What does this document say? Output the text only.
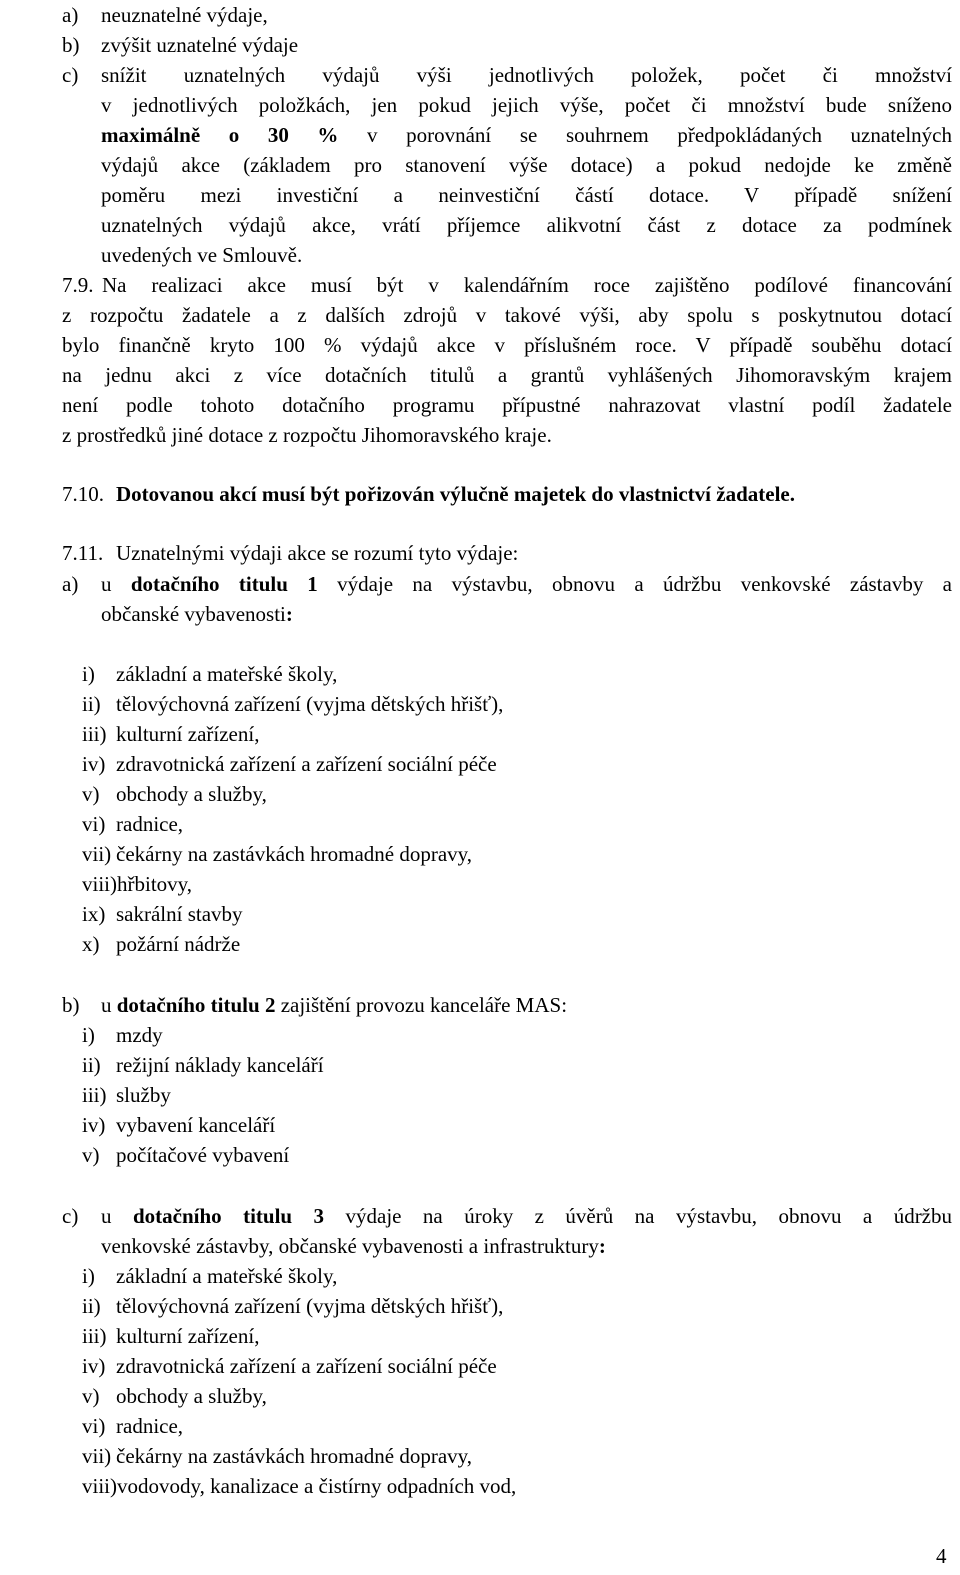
a) neuznatelné výdaje,
b) zvýšit uznatelné výdaje
c) snížit uznatelných výdajů výši jednotlivých položek, počet či množství
v jednotlivých položkách, jen pokud jejich výše, počet či množství bude sníženo
maximálně o 30 % v porovnání se souhrnem předpokládaných uznatelných
výdajů akce (základem pro stanovení výše dotace) a pokud nedojde ke změně
poměru mezi investiční a neinvestiční částí dotace. V případě snížení
uznatelných výdajů akce, vrátí příjemce alikvotní část z dotace za podmínek
uvedených ve Smlouvě.
7.9. Na realizaci akce musí být v kalendářním roce zajištěno podílové financování
z rozpočtu žadatele a z dalších zdrojů v takové výši, aby spolu s poskytnutou dotací
bylo finančně kryto 100 % výdajů akce v příslušném roce. V případě souběhu dotací
na jednu akci z více dotačních titulů a grantů vyhlášených Jihomoravským krajem
není podle tohoto dotačního programu přípustné nahrazovat vlastní podíl žadatele
z prostředků jiné dotace z rozpočtu Jihomoravského kraje.
7.10. Dotovanou akcí musí být pořizován výlučně majetek do vlastnictví žadatele.
7.11. Uznatelnými výdaji akce se rozumí tyto výdaje:
a) u dotačního titulu 1 výdaje na výstavbu, obnovu a údržbu venkovské zástavby a
občanské vybavenosti:
i) základní a mateřské školy,
ii) tělovýchovná zařízení (vyjma dětských hřišť),
iii) kulturní zařízení,
iv) zdravotnická zařízení a zařízení sociální péče
v) obchody a služby,
vi) radnice,
vii) čekárny na zastávkách hromadné dopravy,
viii)hřbitovy,
ix) sakrální stavby
x) požární nádrže
b) u dotačního titulu 2 zajištění provozu kanceláře MAS:
i) mzdy
ii) režijní náklady kanceláří
iii) služby
iv) vybavení kanceláří
v) počítačové vybavení
c) u dotačního titulu 3 výdaje na úroky z úvěrů na výstavbu, obnovu a údržbu
venkovské zástavby, občanské vybavenosti a infrastruktury:
i) základní a mateřské školy,
ii) tělovýchovná zařízení (vyjma dětských hřišť),
iii) kulturní zařízení,
iv) zdravotnická zařízení a zařízení sociální péče
v) obchody a služby,
vi) radnice,
vii) čekárny na zastávkách hromadné dopravy,
viii)vodovody, kanalizace a čistírny odpadních vod,
4
